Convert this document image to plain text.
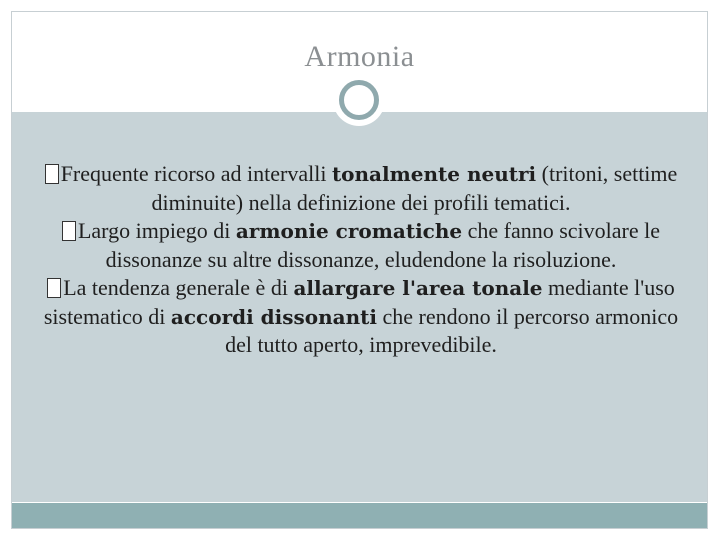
Armonia

Frequente ricorso ad intervalli tonalmente neutri (tritoni, settime diminuite) nella definizione dei profili tematici.

Largo impiego di armonie cromatiche che fanno scivolare le dissonanze su altre dissonanze, eludendone la risoluzione.

La tendenza generale è di allargare l'area tonale mediante l'uso sistematico di accordi dissonanti che rendono il percorso armonico del tutto aperto, imprevedibile.
